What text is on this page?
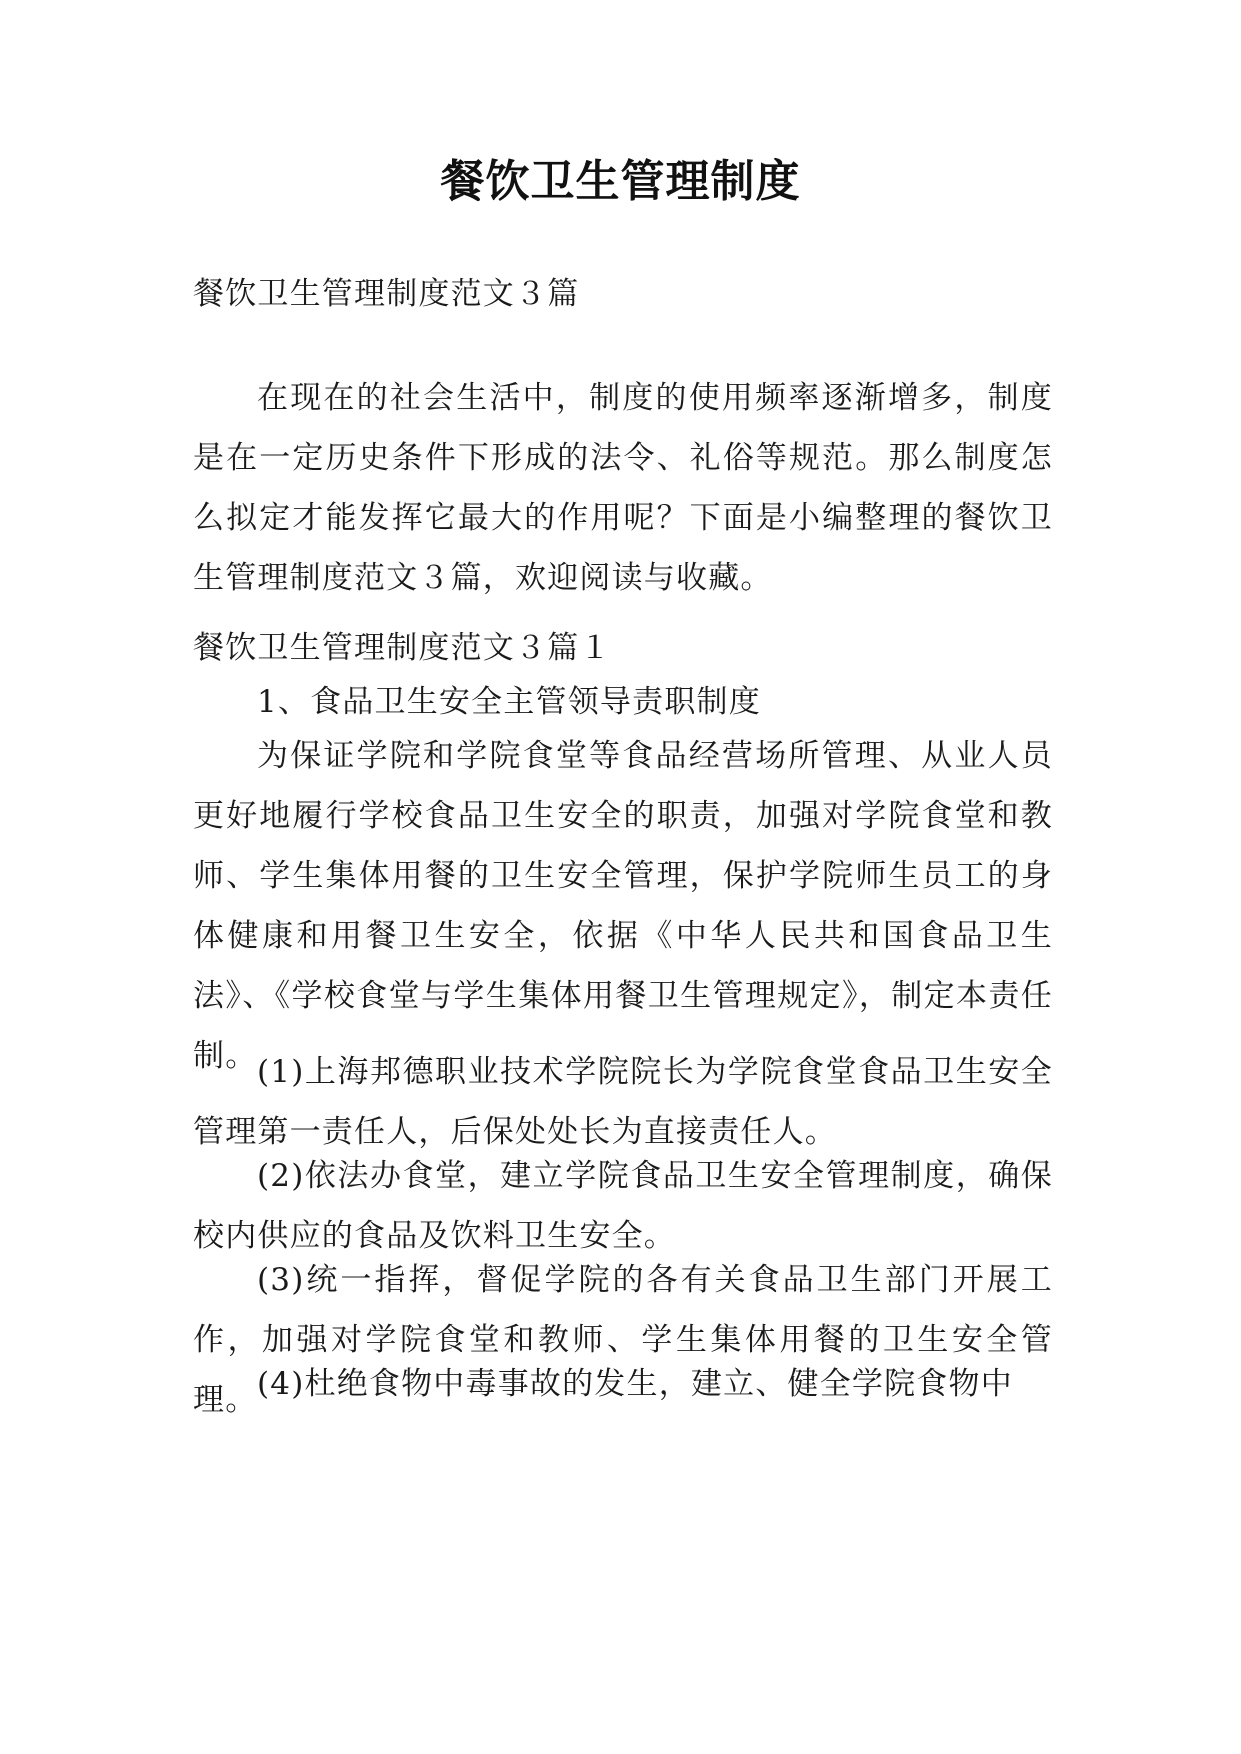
餐饮卫生管理制度
餐饮卫生管理制度范文３篇
在现在的社会生活中，制度的使用频率逐渐增多，制度是在一定历史条件下形成的法令、礼俗等规范。那么制度怎么拟定才能发挥它最大的作用呢？下面是小编整理的餐饮卫生管理制度范文３篇，欢迎阅读与收藏。
餐饮卫生管理制度范文３篇１
1、食品卫生安全主管领导责职制度
为保证学院和学院食堂等食品经营场所管理、从业人员更好地履行学校食品卫生安全的职责，加强对学院食堂和教师、学生集体用餐的卫生安全管理，保护学院师生员工的身体健康和用餐卫生安全，依据《中华人民共和国食品卫生法》、《学校食堂与学生集体用餐卫生管理规定》，制定本责任制。 (1)上海邦德职业技术学院院长为学院食堂食品卫生安全管理第一责任人，后保处处长为直接责任人。
(2)依法办食堂，建立学院食品卫生安全管理制度，确保校内供应的食品及饮料卫生安全。
(3)统一指挥，督促学院的各有关食品卫生部门开展工作，加强对学院食堂和教师、学生集体用餐的卫生安全管理。 (4)杜绝食物中毒事故的发生，建立、健全学院食物中
